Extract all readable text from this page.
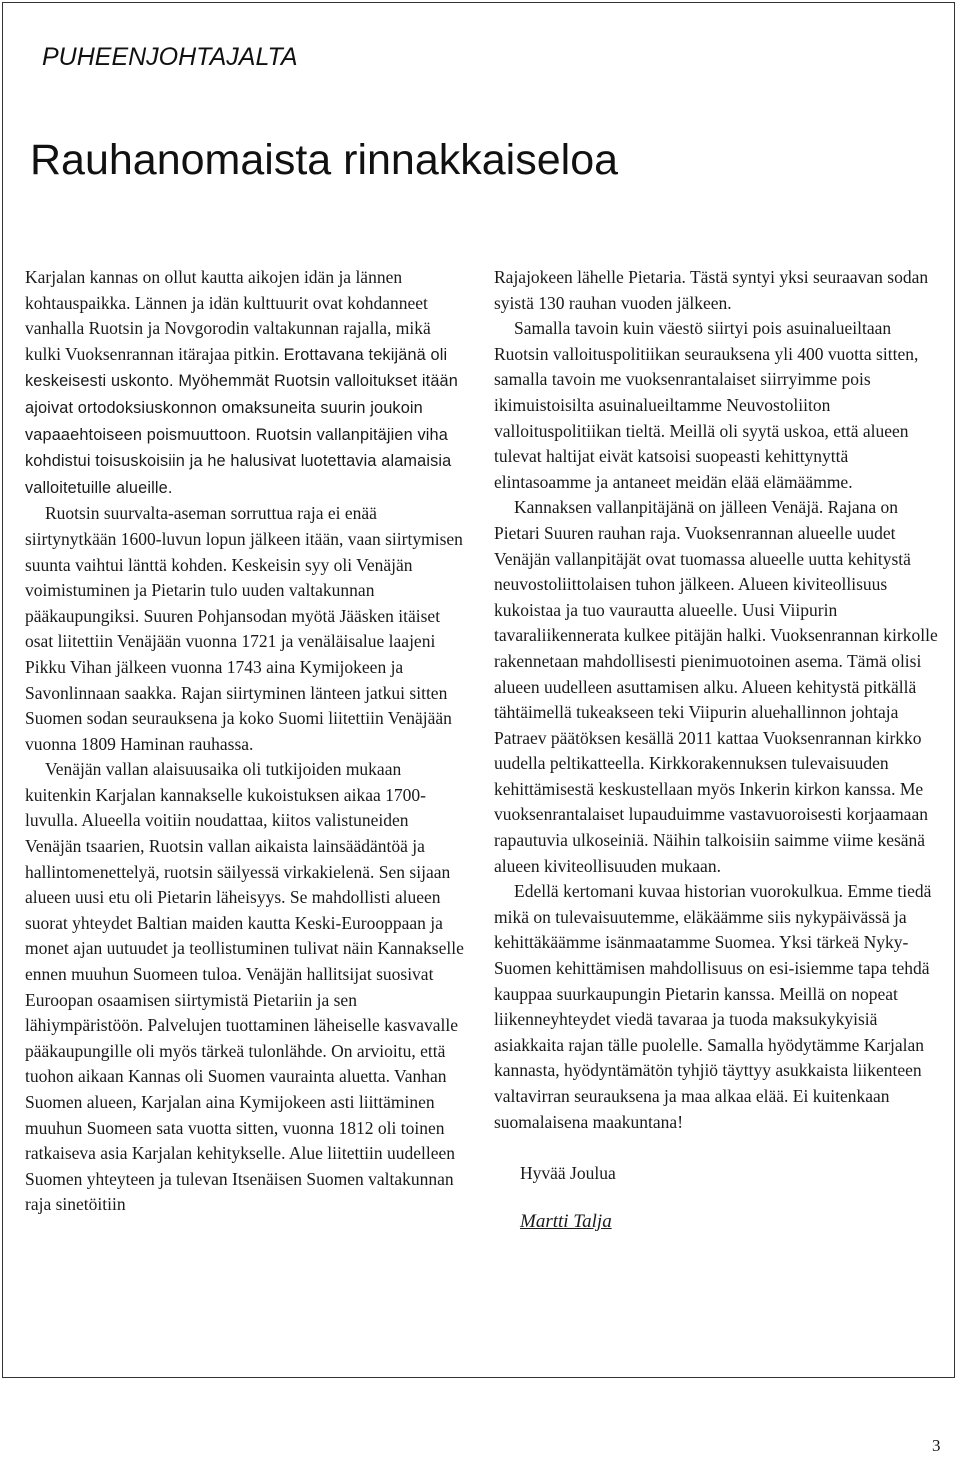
PUHEENJOHTAJALTA

Rauhanomaista rinnakkaiseloa

Karjalan kannas on ollut kautta aikojen idän ja lännen kohtauspaikka. Lännen ja idän kulttuurit ovat kohdanneet vanhalla Ruotsin ja Novgorodin valtakunnan rajalla, mikä kulki Vuoksenrannan itärajaa pitkin. Erottavana tekijänä oli keskeisesti uskonto. Myöhemmät Ruotsin valloitukset itään ajoivat ortodoksiuskonnon omaksuneita suurin joukoin vapaaehtoiseen poismuuttoon. Ruotsin vallanpitäjien viha kohdistui toisuskoisiin ja he halusivat luotettavia alamaisia valloitetuille alueille.

Ruotsin suurvalta-aseman sorruttua raja ei enää siirtynytkään 1600-luvun lopun jälkeen itään, vaan siirtymisen suunta vaihtui länttä kohden. Keskeisin syy oli Venäjän voimistuminen ja Pietarin tulo uuden valtakunnan pääkaupungiksi. Suuren Pohjansodan myötä Jääsken itäiset osat liitettiin Venäjään vuonna 1721 ja venäläisalue laajeni Pikku Vihan jälkeen vuonna 1743 aina Kymijokeen ja Savonlinnaan saakka. Rajan siirtyminen länteen jatkui sitten Suomen sodan seurauksena ja koko Suomi liitettiin Venäjään vuonna 1809 Haminan rauhassa.

Venäjän vallan alaisuusaika oli tutkijoiden mukaan kuitenkin Karjalan kannakselle kukoistuksen aikaa 1700-luvulla. Alueella voitiin noudattaa, kiitos valistuneiden Venäjän tsaarien, Ruotsin vallan aikaista lainsäädäntöä ja hallintomenettelyä, ruotsin säilyessä virkakielenä. Sen sijaan alueen uusi etu oli Pietarin läheisyys. Se mahdollisti alueen suorat yhteydet Baltian maiden kautta Keski-Eurooppaan ja monet ajan uutuudet ja teollistuminen tulivat näin Kannakselle ennen muuhun Suomeen tuloa. Venäjän hallitsijat suosivat Euroopan osaamisen siirtymistä Pietariin ja sen lähiympäristöön. Palvelujen tuottaminen läheiselle kasvavalle pääkaupungille oli myös tärkeä tulonlähde. On arvioitu, että tuohon aikaan Kannas oli Suomen vaurainta aluetta. Vanhan Suomen alueen, Karjalan aina Kymijokeen asti liittäminen muuhun Suomeen sata vuotta sitten, vuonna 1812 oli toinen ratkaiseva asia Karjalan kehitykselle. Alue liitettiin uudelleen Suomen yhteyteen ja tulevan Itsenäisen Suomen valtakunnan raja sinetöitiin

Rajajokeen lähelle Pietaria. Tästä syntyi yksi seuraavan sodan syistä 130 rauhan vuoden jälkeen.

Samalla tavoin kuin väestö siirtyi pois asuinalueiltaan Ruotsin valloituspolitiikan seurauksena yli 400 vuotta sitten, samalla tavoin me vuoksenrantalaiset siirryimme pois ikimuistoisilta asuinalueiltamme Neuvostoliiton valloituspolitiikan tieltä. Meillä oli syytä uskoa, että alueen tulevat haltijat eivät katsoisi suopeasti kehittynyttä elintasoamme ja antaneet meidän elää elämäämme.

Kannaksen vallanpitäjänä on jälleen Venäjä. Rajana on Pietari Suuren rauhan raja. Vuoksenrannan alueelle uudet Venäjän vallanpitäjät ovat tuomassa alueelle uutta kehitystä neuvostoliittolaisen tuhon jälkeen. Alueen kiviteollisuus kukoistaa ja tuo vaurautta alueelle. Uusi Viipurin tavaraliikennerata kulkee pitäjän halki. Vuoksenrannan kirkolle rakennetaan mahdollisesti pienimuotoinen asema. Tämä olisi alueen uudelleen asuttamisen alku. Alueen kehitystä pitkällä tähtäimellä tukeakseen teki Viipurin aluehallinnon johtaja Patraev päätöksen kesällä 2011 kattaa Vuoksenrannan kirkko uudella peltikatteella. Kirkkorakennuksen tulevaisuuden kehittämisestä keskustellaan myös Inkerin kirkon kanssa. Me vuoksenrantalaiset lupauduimme vastavuoroisesti korjaamaan rapautuvia ulkoseiniä. Näihin talkoisiin saimme viime kesänä alueen kiviteollisuuden mukaan.

Edellä kertomani kuvaa historian vuorokulkua. Emme tiedä mikä on tulevaisuutemme, eläkäämme siis nykypäivässä ja kehittäkäämme isänmaatamme Suomea. Yksi tärkeä Nyky-Suomen kehittämisen mahdollisuus on esi-isiemme tapa tehdä kauppaa suurkaupungin Pietarin kanssa. Meillä on nopeat liikenneyhteydet viedä tavaraa ja tuoda maksukykyisiä asiakkaita rajan tälle puolelle. Samalla hyödytämme Karjalan kannasta, hyödyntämätön tyhjiö täyttyy asukkaista liikenteen valtavirran seurauksena ja maa alkaa elää. Ei kuitenkaan suomalaisena maakuntana!

Hyvää Joulua

Martti Talja

3
